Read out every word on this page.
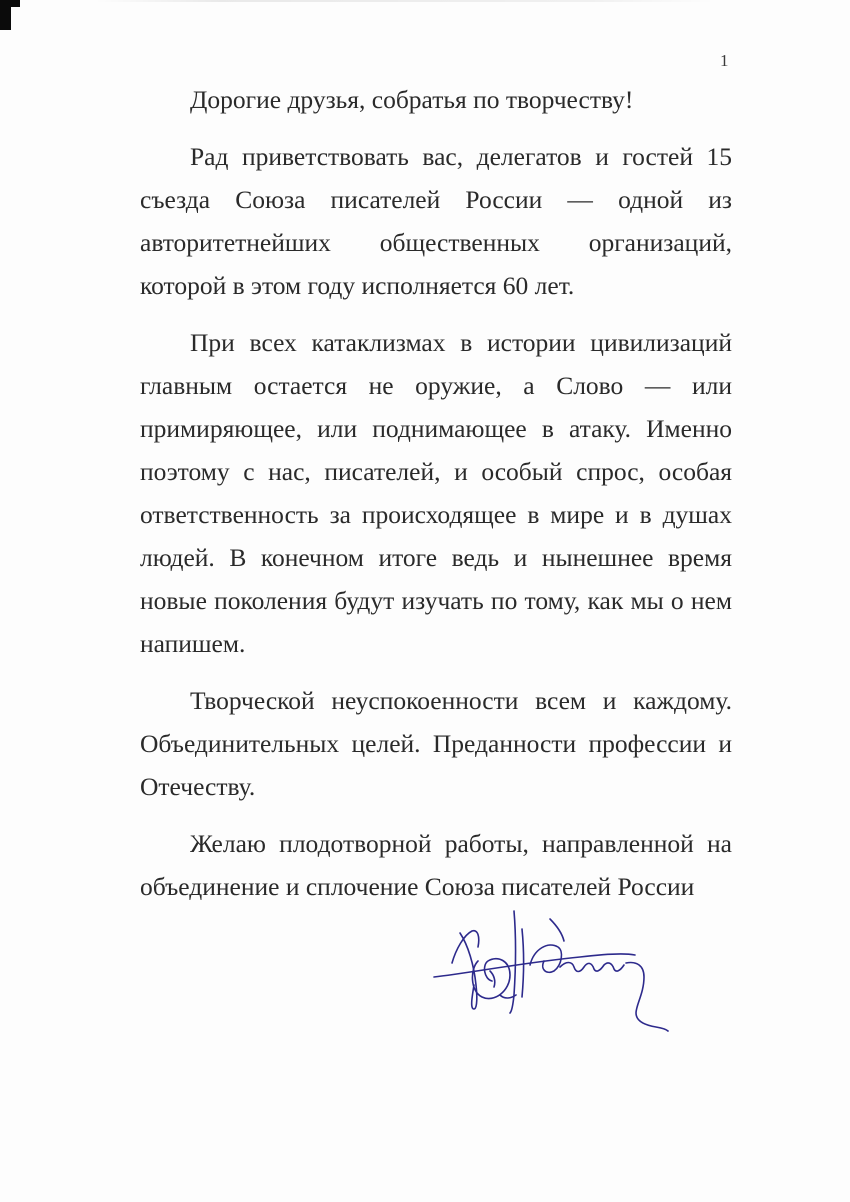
1

Дорогие друзья, собратья по творчеству!

Рад приветствовать вас, делегатов и гостей 15 съезда Союза писателей России — одной из авторитетнейших общественных организаций, которой в этом году исполняется 60 лет.

При всех катаклизмах в истории цивилизаций главным остается не оружие, а Слово — или примиряющее, или поднимающее в атаку. Именно поэтому с нас, писателей, и особый спрос, особая ответственность за происходящее в мире и в душах людей. В конечном итоге ведь и нынешнее время новые поколения будут изучать по тому, как мы о нем напишем.

Творческой неуспокоенности всем и каждому. Объединительных целей. Преданности профессии и Отечеству.

Желаю плодотворной работы, направленной на объединение и сплочение Союза писателей России
